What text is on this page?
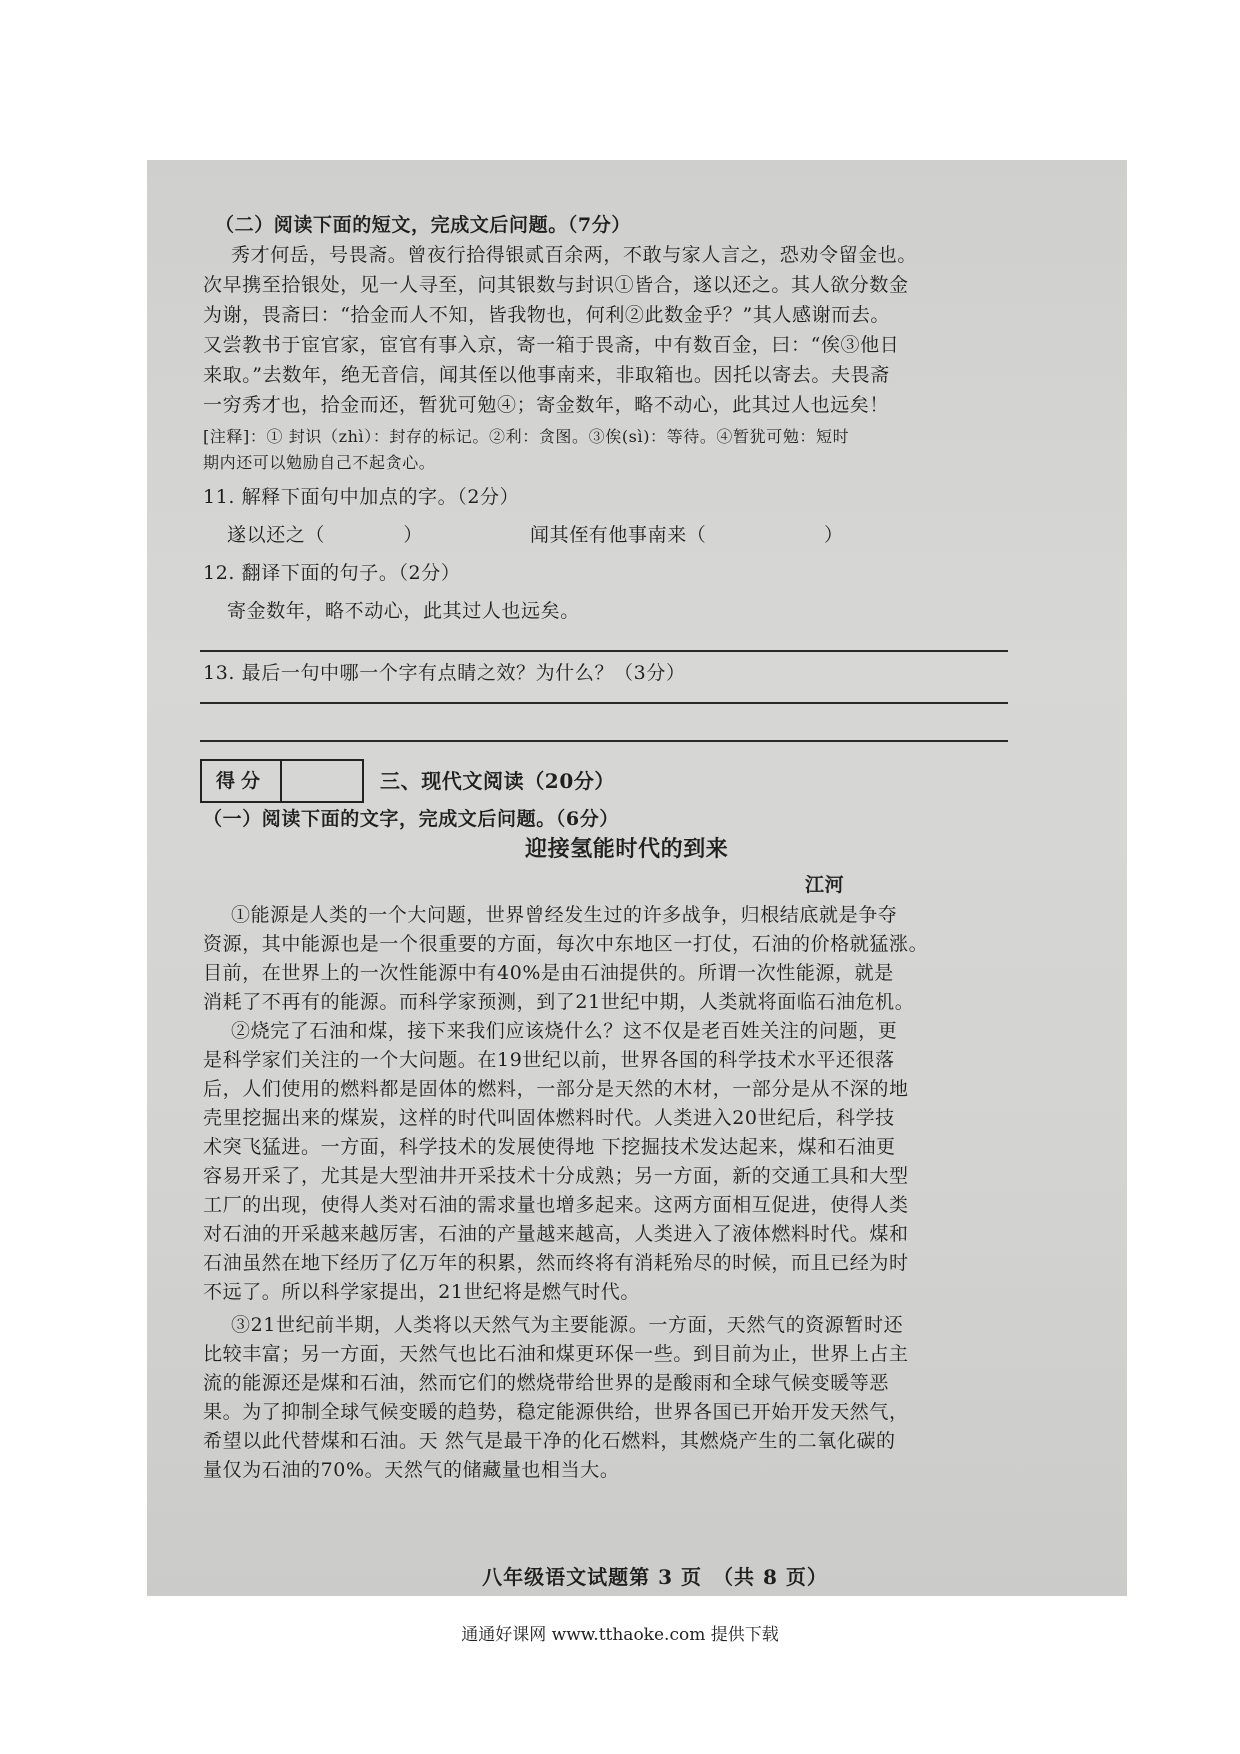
（二）阅读下面的短文，完成文后问题。（7分）
秀才何岳，号畏斋。曾夜行拾得银贰百余两，不敢与家人言之，恐劝令留金也。
次早携至拾银处，见一人寻至，问其银数与封识①皆合，遂以还之。其人欲分数金
为谢，畏斋曰：“拾金而人不知，皆我物也，何利②此数金乎？”其人感谢而去。
又尝教书于宦官家，宦官有事入京，寄一箱于畏斋，中有数百金，曰：“俟③他日
来取。”去数年，绝无音信，闻其侄以他事南来，非取箱也。因托以寄去。夫畏斋
一穷秀才也，拾金而还，暂犹可勉④；寄金数年，略不动心，此其过人也远矣！
[注释]：① 封识（zhì）：封存的标记。②利：贪图。③俟(sì)：等待。④暂犹可勉：短时
期内还可以勉励自己不起贪心。
11. 解释下面句中加点的字。（2分）
遂以还之（　　　　）	闻其侄有他事南来（　　　　　　）
12. 翻译下面的句子。（2分）
寄金数年，略不动心，此其过人也远矣。
13. 最后一句中哪一个字有点睛之效？为什么？（3分）
得分	三、现代文阅读（20分）
（一）阅读下面的文字，完成文后问题。（6分）
迎接氢能时代的到来
江河
①能源是人类的一个大问题，世界曾经发生过的许多战争，归根结底就是争夺
资源，其中能源也是一个很重要的方面，每次中东地区一打仗，石油的价格就猛涨。
目前，在世界上的一次性能源中有40%是由石油提供的。所谓一次性能源，就是
消耗了不再有的能源。而科学家预测，到了21世纪中期，人类就将面临石油危机。
②烧完了石油和煤，接下来我们应该烧什么？这不仅是老百姓关注的问题，更
是科学家们关注的一个大问题。在19世纪以前，世界各国的科学技术水平还很落
后，人们使用的燃料都是固体的燃料，一部分是天然的木材，一部分是从不深的地
壳里挖掘出来的煤炭，这样的时代叫固体燃料时代。人类进入20世纪后，科学技
术突飞猛进。一方面，科学技术的发展使得地 下挖掘技术发达起来，煤和石油更
容易开采了，尤其是大型油井开采技术十分成熟；另一方面，新的交通工具和大型
工厂的出现，使得人类对石油的需求量也增多起来。这两方面相互促进，使得人类
对石油的开采越来越厉害，石油的产量越来越高，人类进入了液体燃料时代。煤和
石油虽然在地下经历了亿万年的积累，然而终将有消耗殆尽的时候，而且已经为时
不远了。所以科学家提出，21世纪将是燃气时代。
③21世纪前半期，人类将以天然气为主要能源。一方面，天然气的资源暂时还
比较丰富；另一方面，天然气也比石油和煤更环保一些。到目前为止，世界上占主
流的能源还是煤和石油，然而它们的燃烧带给世界的是酸雨和全球气候变暖等恶
果。为了抑制全球气候变暖的趋势，稳定能源供给，世界各国已开始开发天然气，
希望以此代替煤和石油。天 然气是最干净的化石燃料，其燃烧产生的二氧化碳的
量仅为石油的70%。天然气的储藏量也相当大。
八年级语文试题第 3 页　（共 8 页）
通通好课网 www.tthaoke.com 提供下载
